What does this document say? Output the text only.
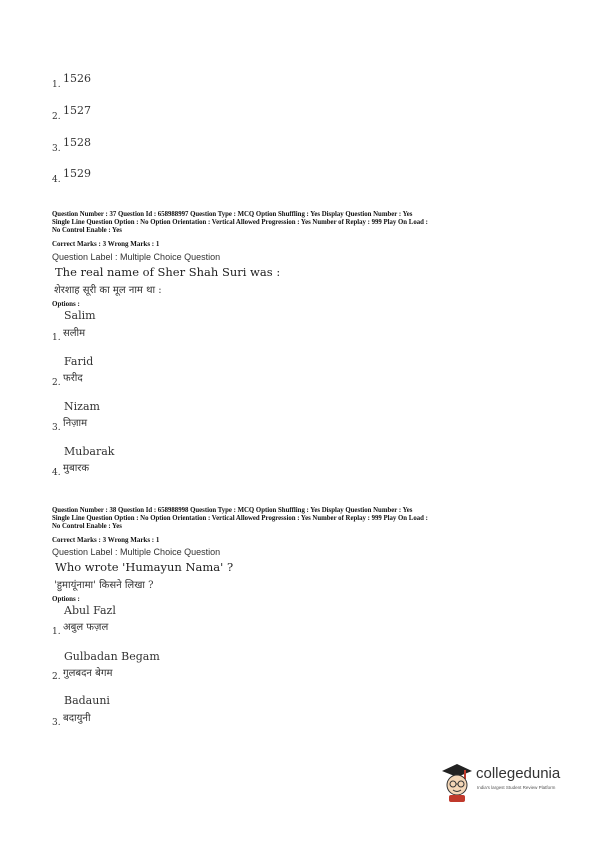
1. 1526
2. 1527
3. 1528
4. 1529
Question Number : 37 Question Id : 658988997 Question Type : MCQ Option Shuffling : Yes Display Question Number : Yes
Single Line Question Option : No Option Orientation : Vertical Allowed Progression : Yes Number of Replay : 999 Play On Load :
No Control Enable : Yes
Correct Marks : 3 Wrong Marks : 1
Question Label : Multiple Choice Question
The real name of Sher Shah Suri was :
शेरशाह सूरी का मूल नाम था :
Options :
Salim
1. सलीम
Farid
2. फरीद
Nizam
3. निज़ाम
Mubarak
4. मुबारक
Question Number : 38 Question Id : 658988998 Question Type : MCQ Option Shuffling : Yes Display Question Number : Yes
Single Line Question Option : No Option Orientation : Vertical Allowed Progression : Yes Number of Replay : 999 Play On Load :
No Control Enable : Yes
Correct Marks : 3 Wrong Marks : 1
Question Label : Multiple Choice Question
Who wrote 'Humayun Nama' ?
'हुमायूंनामा' किसने लिखा ?
Options :
Abul Fazl
1. अबुल फज़ल
Gulbadan Begam
2. गुलबदन बेगम
Badauni
3. बदायुनी
collegedunia
India's largest Student Review Platform
